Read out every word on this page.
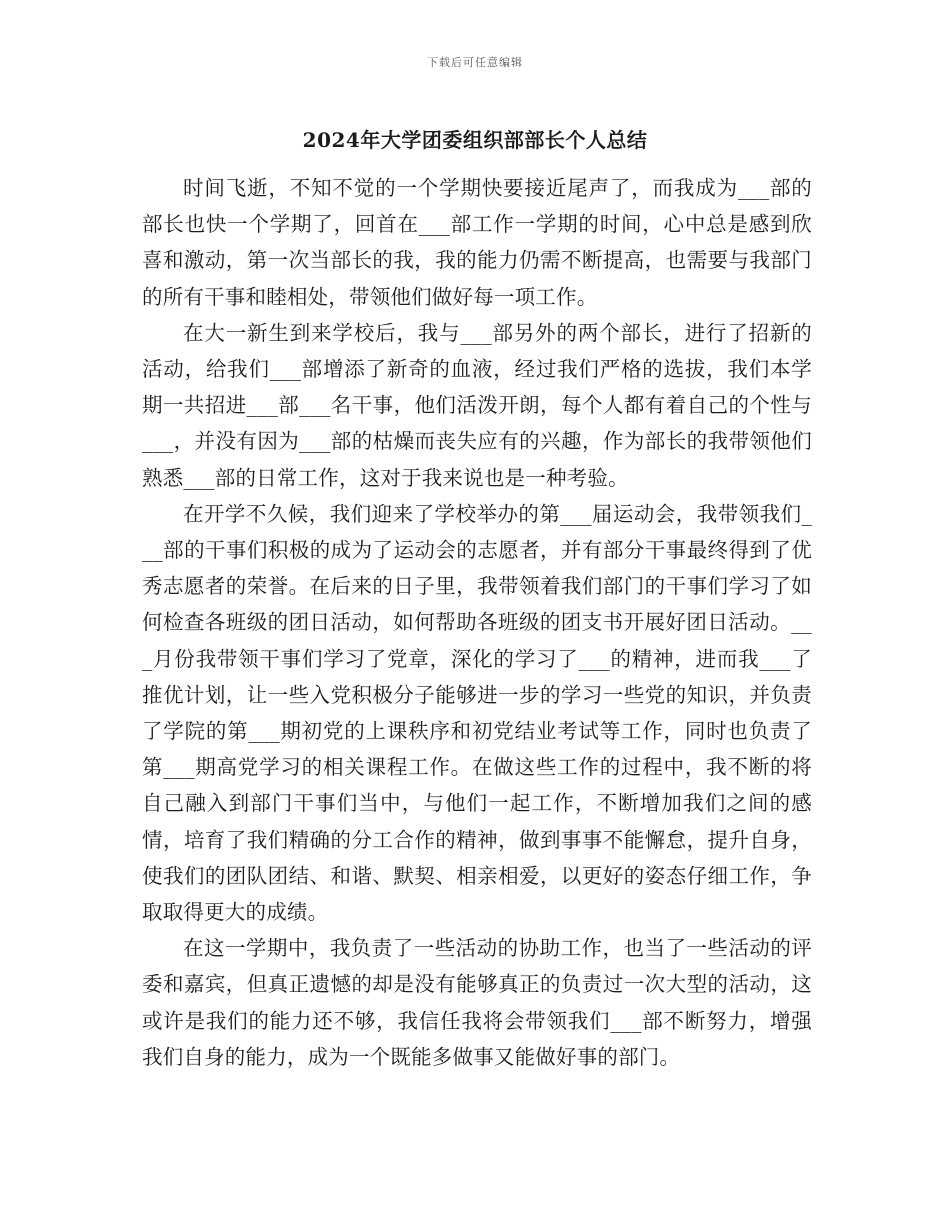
下载后可任意编辑
2024年大学团委组织部部长个人总结

时间飞逝，不知不觉的一个学期快要接近尾声了，而我成为___部的部长也快一个学期了，回首在___部工作一学期的时间，心中总是感到欣喜和激动，第一次当部长的我，我的能力仍需不断提高，也需要与我部门的所有干事和睦相处，带领他们做好每一项工作。

在大一新生到来学校后，我与___部另外的两个部长，进行了招新的活动，给我们___部增添了新奇的血液，经过我们严格的选拔，我们本学期一共招进___部___名干事，他们活泼开朗，每个人都有着自己的个性与___，并没有因为___部的枯燥而丧失应有的兴趣，作为部长的我带领他们熟悉___部的日常工作，这对于我来说也是一种考验。

在开学不久候，我们迎来了学校举办的第___届运动会，我带领我们___部的干事们积极的成为了运动会的志愿者，并有部分干事最终得到了优秀志愿者的荣誉。在后来的日子里，我带领着我们部门的干事们学习了如何检查各班级的团日活动，如何帮助各班级的团支书开展好团日活动。___月份我带领干事们学习了党章，深化的学习了___的精神，进而我___了推优计划，让一些入党积极分子能够进一步的学习一些党的知识，并负责了学院的第___期初党的上课秩序和初党结业考试等工作，同时也负责了第___期高党学习的相关课程工作。在做这些工作的过程中，我不断的将自己融入到部门干事们当中，与他们一起工作，不断增加我们之间的感情，培育了我们精确的分工合作的精神，做到事事不能懈怠，提升自身，使我们的团队团结、和谐、默契、相亲相爱，以更好的姿态仔细工作，争取取得更大的成绩。

在这一学期中，我负责了一些活动的协助工作，也当了一些活动的评委和嘉宾，但真正遗憾的却是没有能够真正的负责过一次大型的活动，这或许是我们的能力还不够，我信任我将会带领我们___部不断努力，增强我们自身的能力，成为一个既能多做事又能做好事的部门。
